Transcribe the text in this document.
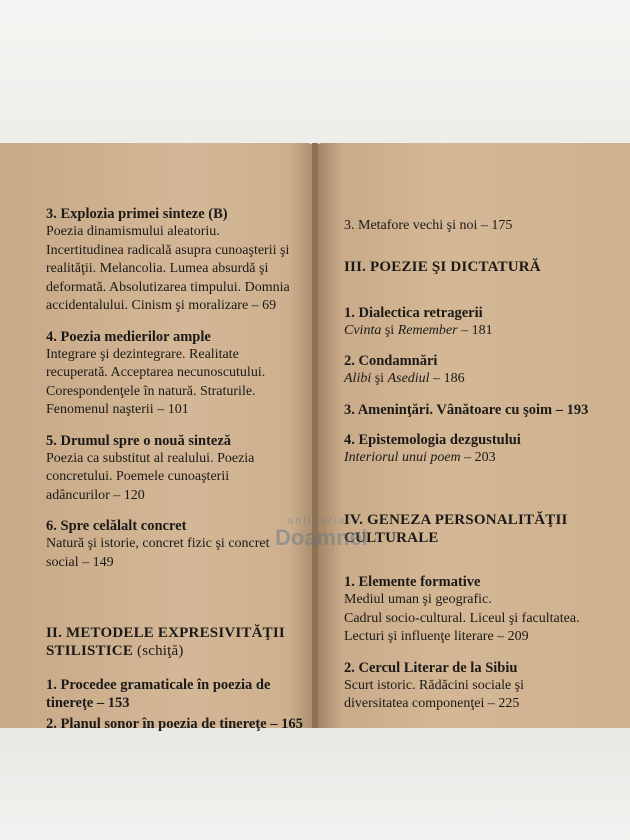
3. Explozia primei sinteze (B)
Poezia dinamismului aleatoriu.
Incertitudinea radicală asupra cunoaşterii şi
realităţii. Melancolia. Lumea absurdă şi
deformată. Absolutizarea timpului. Domnia
accidentalului. Cinism şi moralizare – 69
4. Poezia medierilor ample
Integrare şi dezintegrare. Realitate
recuperată. Acceptarea necunoscutului.
Corespondenţele în natură. Straturile.
Fenomenul naşterii – 101
5. Drumul spre o nouă sinteză
Poezia ca substitut al realului. Poezia
concretului. Poemele cunoaşterii
adâncurilor – 120
6. Spre celălalt concret
Natură şi istorie, concret fizic şi concret
social – 149
II. METODELE EXPRESIVITĂŢII
STILISTICE (schiţă)
1. Procedee gramaticale în poezia de
tinereţe – 153
2. Planul sonor în poezia de tinereţe – 165
3. Metafore vechi şi noi – 175
III. POEZIE ŞI DICTATURĂ
1. Dialectica retragerii
Cvinta şi Remember – 181
2. Condamnări
Alibi şi Asediul – 186
3. Ameninţări. Vânătoare cu şoim – 193
4. Epistemologia dezgustului
Interiorul unui poem – 203
IV. GENEZA PERSONALITĂŢII
CULTURALE
1. Elemente formative
Mediul uman şi geografic.
Cadrul socio-cultural. Liceul şi facultatea.
Lecturi şi influenţe literare – 209
2. Cercul Literar de la Sibiu
Scurt istoric. Rădăcini sociale şi
diversitatea componenţei – 225
anticariat
Doamnei
